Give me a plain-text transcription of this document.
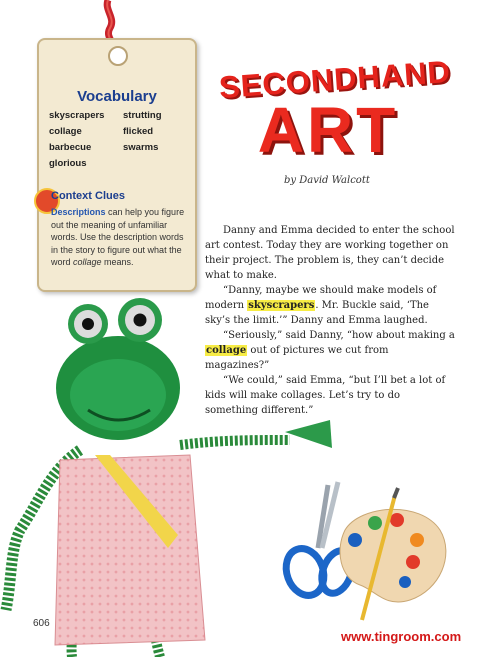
Vocabulary
skyscrapers strutting
collage	flicked
barbecue	swarms
glorious
Context Clues
Descriptions can help you figure out the meaning of unfamiliar words. Use the description words in the story to figure out what the word collage means.
SECONDHAND
ART
by David Walcott

Danny and Emma decided to enter the school art contest. Today they are working together on their project. The problem is, they can’t decide what to make.

“Danny, maybe we should make models of modern skyscrapers. Mr. Buckle said, ‘The sky’s the limit.’” Danny and Emma laughed.

“Seriously,” said Danny, “how about making a collage out of pictures we cut from magazines?”

“We could,” said Emma, “but I’ll bet a lot of kids will make collages. Let’s try to do something different.”

606
www.tingroom.com
